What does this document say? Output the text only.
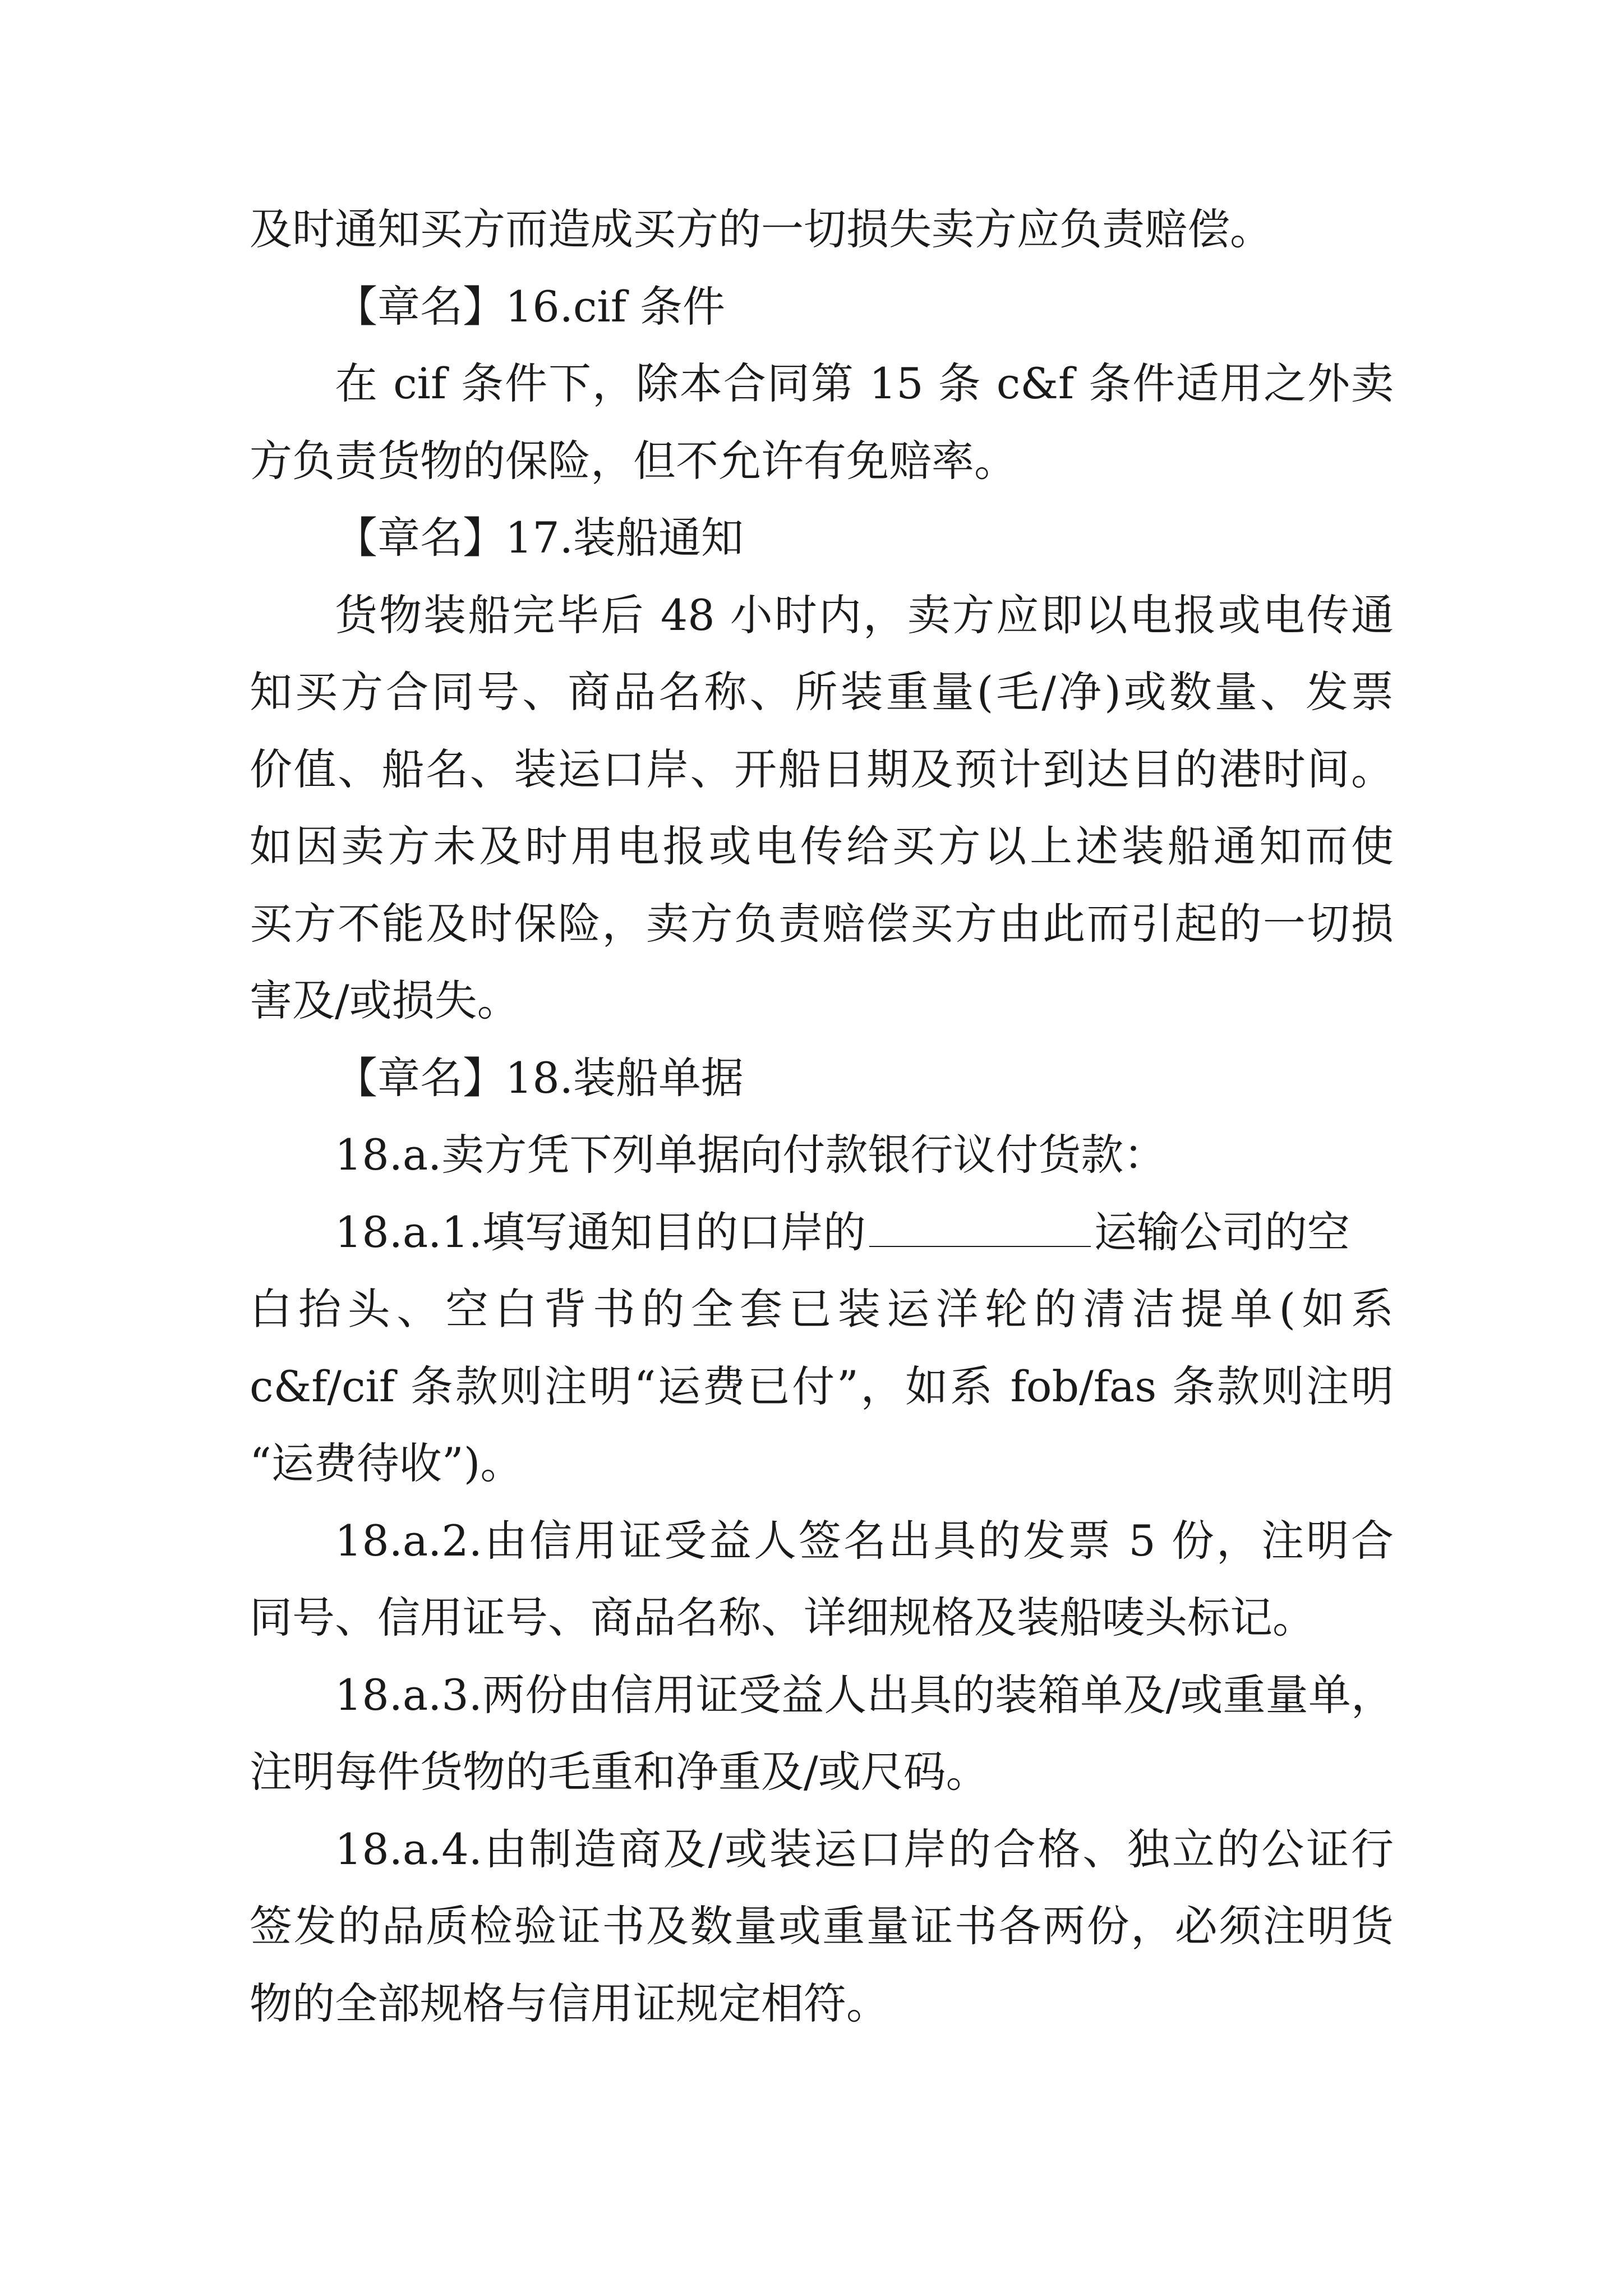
及时通知买方而造成买方的一切损失卖方应负责赔偿。
【章名】16.cif 条件
在 cif 条件下，除本合同第 15 条 c&f 条件适用之外卖
方负责货物的保险，但不允许有免赔率。
【章名】17.装船通知
货物装船完毕后 48 小时内，卖方应即以电报或电传通
知买方合同号、商品名称、所装重量(毛/净)或数量、发票
价值、船名、装运口岸、开船日期及预计到达目的港时间。
如因卖方未及时用电报或电传给买方以上述装船通知而使
买方不能及时保险，卖方负责赔偿买方由此而引起的一切损
害及/或损失。
【章名】18.装船单据
18.a.卖方凭下列单据向付款银行议付货款：
18.a.1.填写通知目的口岸的	运输公司的空
白抬头、空白背书的全套已装运洋轮的清洁提单(如系
c&f/cif 条款则注明“运费已付”，如系 fob/fas 条款则注明
“运费待收”)。
18.a.2.由信用证受益人签名出具的发票 5 份，注明合
同号、信用证号、商品名称、详细规格及装船唛头标记。
18.a.3.两份由信用证受益人出具的装箱单及/或重量单，
注明每件货物的毛重和净重及/或尺码。
18.a.4.由制造商及/或装运口岸的合格、独立的公证行
签发的品质检验证书及数量或重量证书各两份，必须注明货
物的全部规格与信用证规定相符。
